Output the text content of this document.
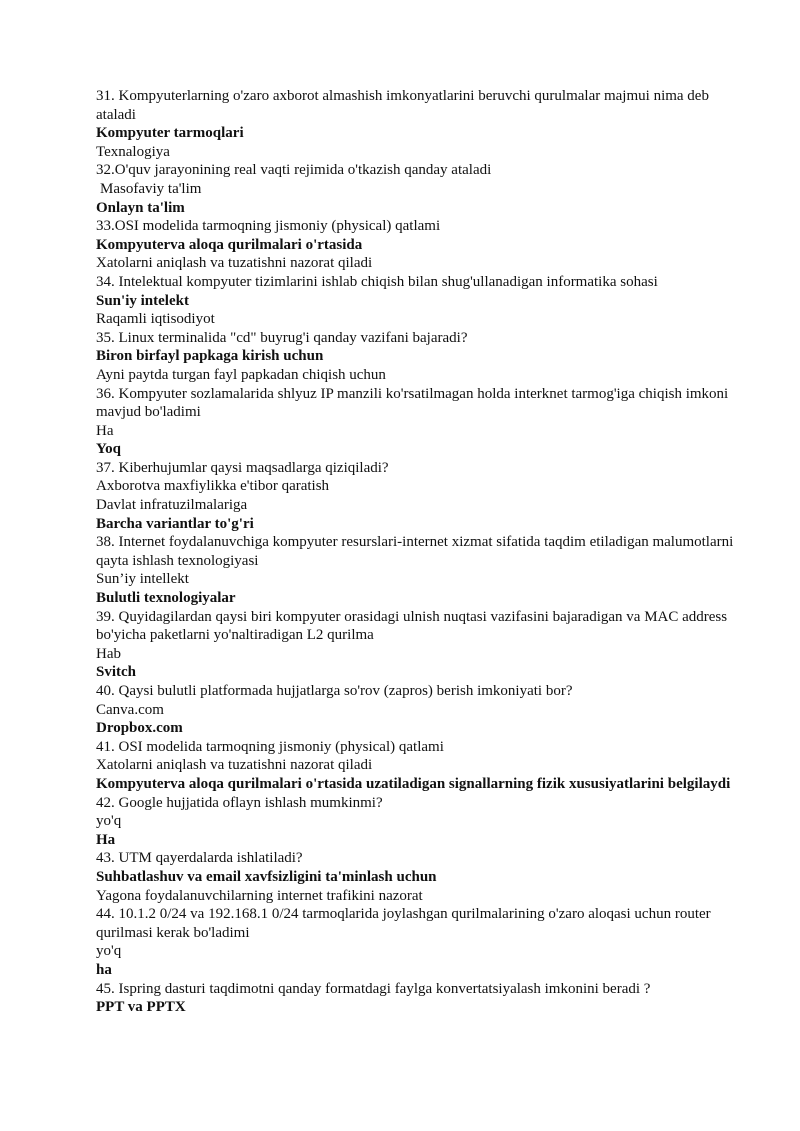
31. Kompyuterlarning o'zaro axborot almashish imkonyatlarini beruvchi qurulmalar majmui nima deb ataladi
Kompyuter tarmoqlari
Texnalogiya
32.O'quv jarayonining real vaqti rejimida o'tkazish qanday ataladi
Masofaviy ta'lim
Onlayn ta'lim
33.OSI modelida tarmoqning jismoniy (physical) qatlami
Kompyuterva aloqa qurilmalari o'rtasida
Xatolarni aniqlash va tuzatishni nazorat qiladi
34. Intelektual kompyuter tizimlarini ishlab chiqish bilan shug'ullanadigan informatika sohasi
Sun'iy intelekt
Raqamli iqtisodiyot
35. Linux terminalida "cd" buyrug'i qanday vazifani bajaradi?
Biron birfayl papkaga kirish uchun
Ayni paytda turgan fayl papkadan chiqish uchun
36. Kompyuter sozlamalarida shlyuz IP manzili ko'rsatilmagan holda interknet tarmog'iga chiqish imkoni mavjud bo'ladimi
Ha
Yoq
37. Kiberhujumlar qaysi maqsadlarga qiziqiladi?
Axborotva maxfiylikka e'tibor qaratish
Davlat infratuzilmalariga
Barcha variantlar to'g'ri
38. Internet foydalanuvchiga kompyuter resurslari-internet xizmat sifatida taqdim etiladigan malumotlarni qayta ishlash texnologiyasi
Sun’iy intellekt
Bulutli texnologiyalar
39. Quyidagilardan qaysi biri kompyuter orasidagi ulnish nuqtasi vazifasini bajaradigan va MAC address bo'yicha paketlarni yo'naltiradigan L2 qurilma
Hab
Svitch
40. Qaysi bulutli platformada hujjatlarga so'rov (zapros) berish imkoniyati bor?
Canva.com
Dropbox.com
41. OSI modelida tarmoqning jismoniy (physical) qatlami
Xatolarni aniqlash va tuzatishni nazorat qiladi
Kompyuterva aloqa qurilmalari o'rtasida uzatiladigan signallarning fizik xususiyatlarini belgilaydi
42. Google hujjatida oflayn ishlash mumkinmi?
yo'q
Ha
43. UTM qayerdalarda ishlatiladi?
Suhbatlashuv va email xavfsizligini ta'minlash uchun
Yagona foydalanuvchilarning internet trafikini nazorat
44. 10.1.2 0/24 va 192.168.1 0/24 tarmoqlarida joylashgan qurilmalarining o'zaro aloqasi uchun router qurilmasi kerak bo'ladimi
yo'q
ha
45. Ispring dasturi taqdimotni qanday formatdagi faylga konvertatsiyalash imkonini beradi ?
PPT va PPTX
